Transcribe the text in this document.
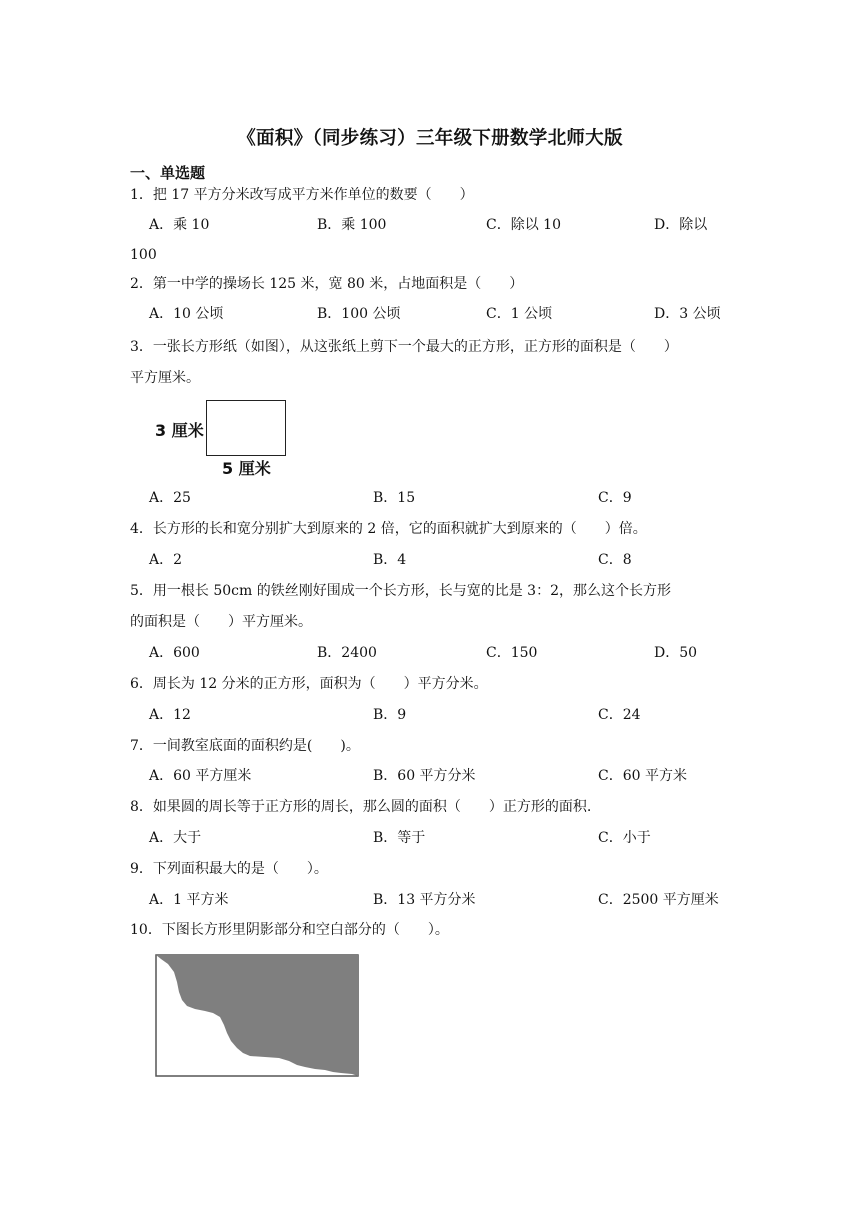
《面积》（同步练习）三年级下册数学北师大版
一、单选题
1．把 17 平方分米改写成平方米作单位的数要（　　）
A．乘 10	B．乘 100	C．除以 10	D．除以
100
2．第一中学的操场长 125 米，宽 80 米，占地面积是（　　）
A．10 公顷	B．100 公顷	C．1 公顷	D．3 公顷
3．一张长方形纸（如图），从这张纸上剪下一个最大的正方形，正方形的面积是（　　）
平方厘米。
3 厘米
5 厘米
A．25	B．15	C．9
4．长方形的长和宽分别扩大到原来的 2 倍，它的面积就扩大到原来的（　　）倍。
A．2	B．4	C．8
5．用一根长 50cm 的铁丝刚好围成一个长方形，长与宽的比是 3：2，那么这个长方形
的面积是（　　）平方厘米。
A．600	B．2400	C．150	D．50
6．周长为 12 分米的正方形，面积为（　　）平方分米。
A．12	B．9	C．24
7．一间教室底面的面积约是(　　)。
A．60 平方厘米	B．60 平方分米	C．60 平方米
8．如果圆的周长等于正方形的周长，那么圆的面积（　　）正方形的面积.
A．大于	B．等于	C．小于
9．下列面积最大的是（　　）。
A．1 平方米	B．13 平方分米	C．2500 平方厘米
10．下图长方形里阴影部分和空白部分的（　　）。
